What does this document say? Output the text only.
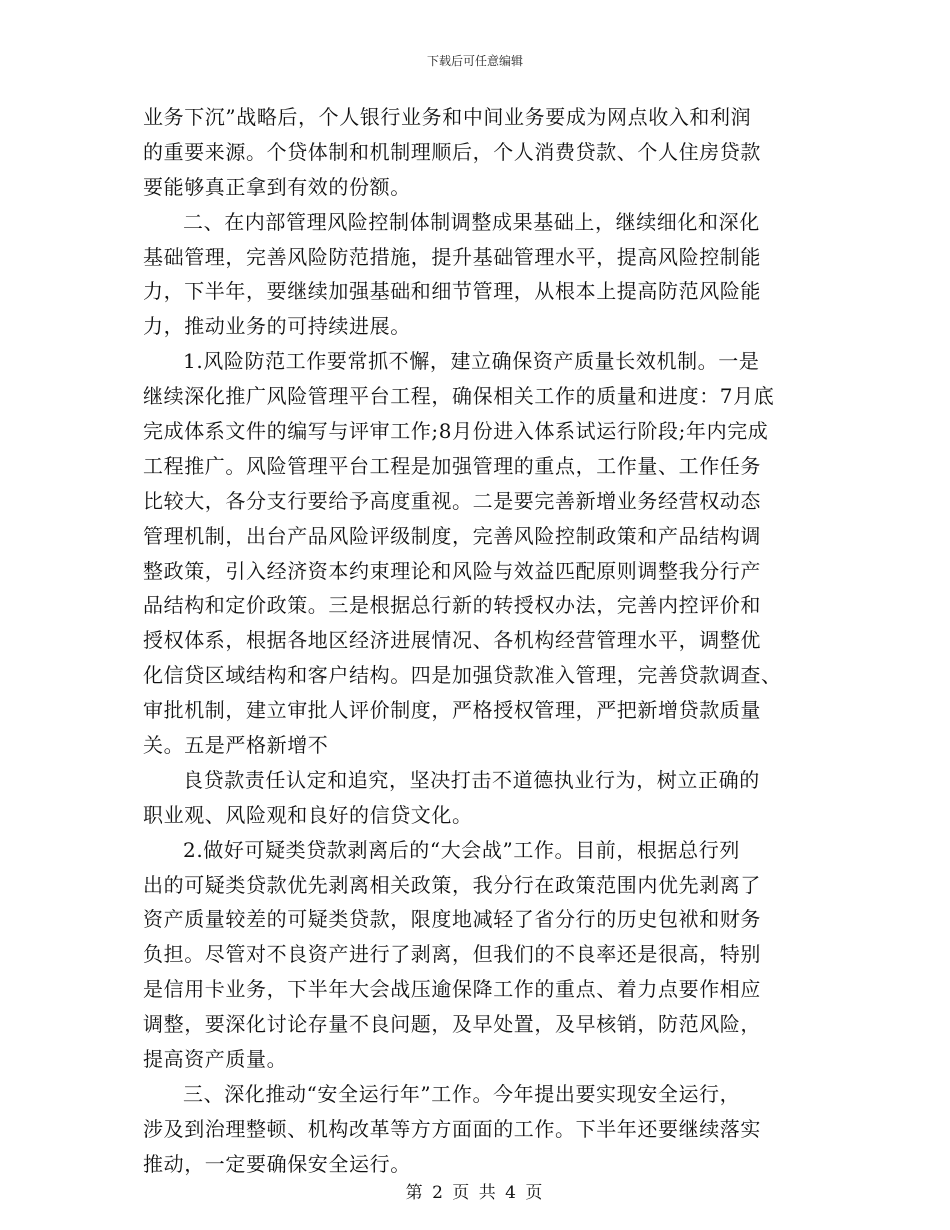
下载后可任意编辑
业务下沉”战略后，个人银行业务和中间业务要成为网点收入和利润
的重要来源。个贷体制和机制理顺后，个人消费贷款、个人住房贷款
要能够真正拿到有效的份额。
二、在内部管理风险控制体制调整成果基础上，继续细化和深化
基础管理，完善风险防范措施，提升基础管理水平，提高风险控制能
力，下半年，要继续加强基础和细节管理，从根本上提高防范风险能
力，推动业务的可持续进展。
1.风险防范工作要常抓不懈，建立确保资产质量长效机制。一是
继续深化推广风险管理平台工程，确保相关工作的质量和进度：7月底
完成体系文件的编写与评审工作;8月份进入体系试运行阶段;年内完成
工程推广。风险管理平台工程是加强管理的重点，工作量、工作任务
比较大，各分支行要给予高度重视。二是要完善新增业务经营权动态
管理机制，出台产品风险评级制度，完善风险控制政策和产品结构调
整政策，引入经济资本约束理论和风险与效益匹配原则调整我分行产
品结构和定价政策。三是根据总行新的转授权办法，完善内控评价和
授权体系，根据各地区经济进展情况、各机构经营管理水平，调整优
化信贷区域结构和客户结构。四是加强贷款准入管理，完善贷款调查、
审批机制，建立审批人评价制度，严格授权管理，严把新增贷款质量
关。五是严格新增不
良贷款责任认定和追究，坚决打击不道德执业行为，树立正确的
职业观、风险观和良好的信贷文化。
2.做好可疑类贷款剥离后的“大会战”工作。目前，根据总行列
出的可疑类贷款优先剥离相关政策，我分行在政策范围内优先剥离了
资产质量较差的可疑类贷款，限度地减轻了省分行的历史包袱和财务
负担。尽管对不良资产进行了剥离，但我们的不良率还是很高，特别
是信用卡业务，下半年大会战压逾保降工作的重点、着力点要作相应
调整，要深化讨论存量不良问题，及早处置，及早核销，防范风险，
提高资产质量。
三、深化推动“安全运行年”工作。今年提出要实现安全运行，
涉及到治理整顿、机构改革等方方面面的工作。下半年还要继续落实
推动，一定要确保安全运行。
第 2 页 共 4 页
